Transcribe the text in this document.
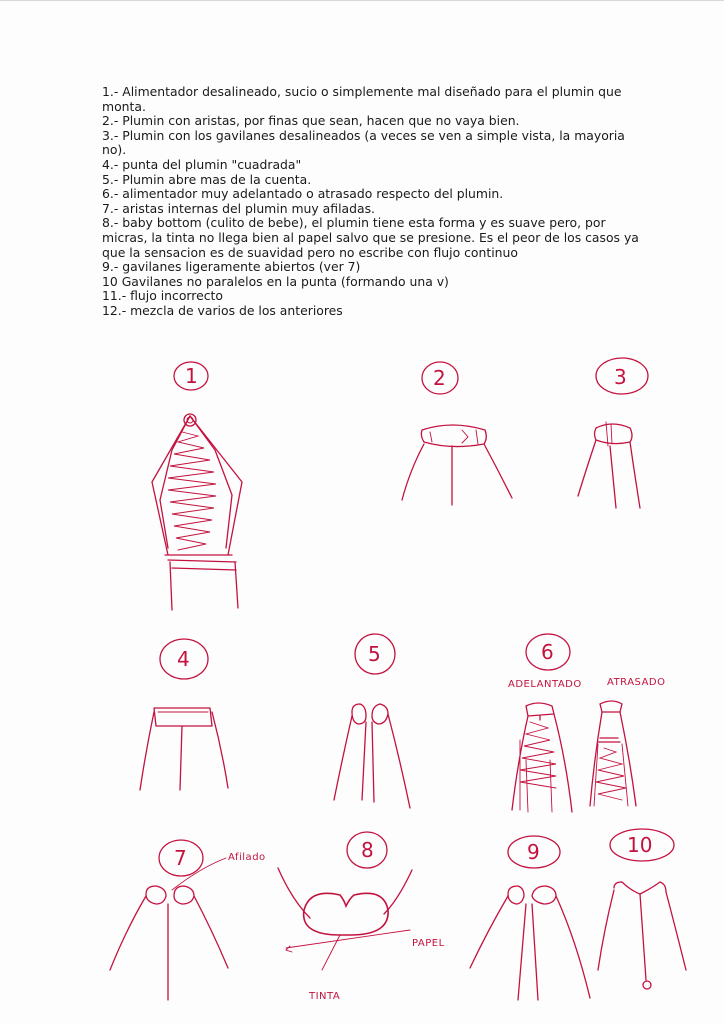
1.- Alimentador desalineado, sucio o simplemente mal diseñado para el plumin que monta.

2.- Plumin con aristas, por finas que sean, hacen que no vaya bien.

3.- Plumin con los gavilanes desalineados (a veces se ven a simple vista, la mayoria no).

4.- punta del plumin "cuadrada"

5.- Plumin abre mas de la cuenta.

6.- alimentador muy adelantado o atrasado respecto del plumin.

7.- aristas internas del plumin muy afiladas.

8.- baby bottom (culito de bebe), el plumin tiene esta forma y es suave pero, por micras, la tinta no llega bien al papel salvo que se presione. Es el peor de los casos ya que la sensacion es de suavidad pero no escribe con flujo continuo

9.- gavilanes ligeramente abiertos (ver 7)

10 Gavilanes no paralelos en la punta (formando una v)

11.- flujo incorrecto

12.- mezcla de varios de los anteriores

1	2	3
4	5	6
ADELANTADO	ATRASADO
7	Afilado	8
PAPEL
TINTA
9	10
